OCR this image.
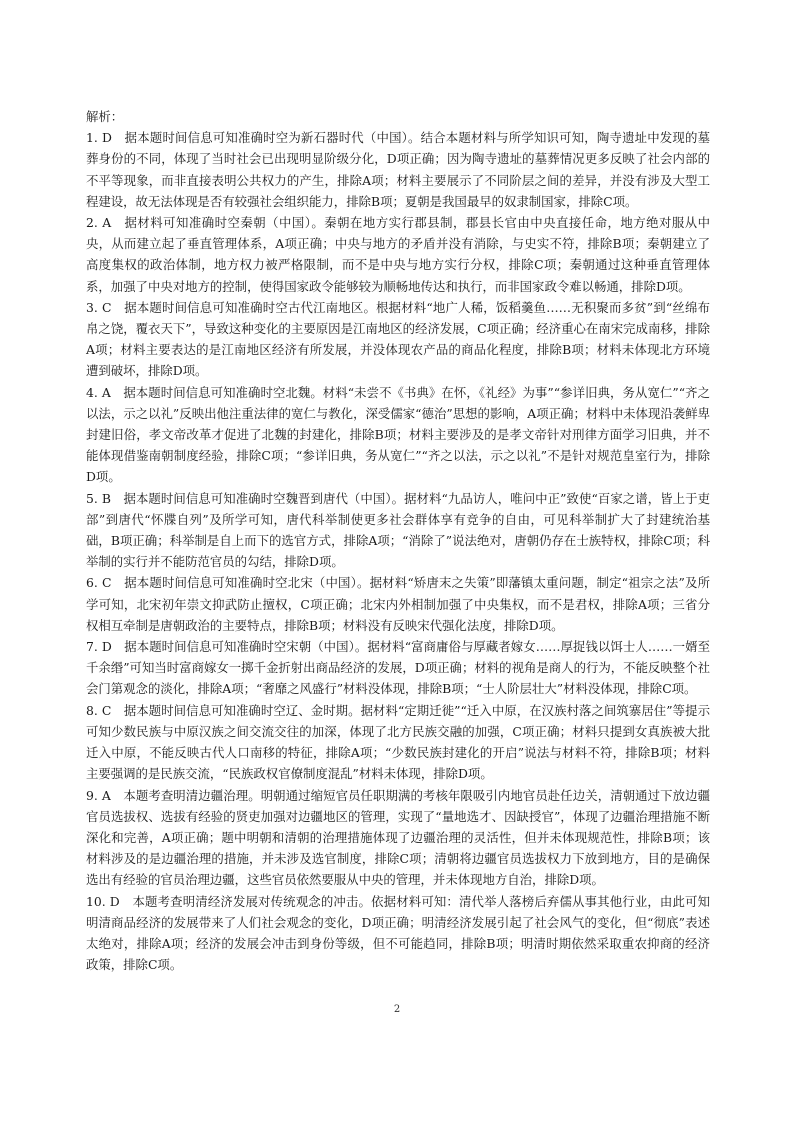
解析：

1. D　据本题时间信息可知准确时空为新石器时代（中国）。结合本题材料与所学知识可知，陶寺遗址中发现的墓葬身份的不同，体现了当时社会已出现明显阶级分化，D项正确；因为陶寺遗址的墓葬情况更多反映了社会内部的不平等现象，而非直接表明公共权力的产生，排除A项；材料主要展示了不同阶层之间的差异，并没有涉及大型工程建设，故无法体现是否有较强社会组织能力，排除B项；夏朝是我国最早的奴隶制国家，排除C项。

2. A　据材料可知准确时空秦朝（中国）。秦朝在地方实行郡县制，郡县长官由中央直接任命，地方绝对服从中央，从而建立起了垂直管理体系，A项正确；中央与地方的矛盾并没有消除，与史实不符，排除B项；秦朝建立了高度集权的政治体制，地方权力被严格限制，而不是中央与地方实行分权，排除C项；秦朝通过这种垂直管理体系，加强了中央对地方的控制，使得国家政令能够较为顺畅地传达和执行，而非国家政令难以畅通，排除D项。

3. C　据本题时间信息可知准确时空古代江南地区。根据材料“地广人稀，饭稻羹鱼……无积聚而多贫”到“丝绵布帛之饶，覆衣天下”，导致这种变化的主要原因是江南地区的经济发展，C项正确；经济重心在南宋完成南移，排除A项；材料主要表达的是江南地区经济有所发展，并没体现农产品的商品化程度，排除B项；材料未体现北方环境遭到破坏，排除D项。

4. A　据本题时间信息可知准确时空北魏。材料“未尝不《书典》在怀，《礼经》为事”“参详旧典，务从宽仁”“齐之以法，示之以礼”反映出他注重法律的宽仁与教化，深受儒家“德治”思想的影响，A项正确；材料中未体现沿袭鲜卑封建旧俗，孝文帝改革才促进了北魏的封建化，排除B项；材料主要涉及的是孝文帝针对刑律方面学习旧典，并不能体现借鉴南朝制度经验，排除C项；“参详旧典，务从宽仁”“齐之以法，示之以礼”不是针对规范皇室行为，排除D项。

5. B　据本题时间信息可知准确时空魏晋到唐代（中国）。据材料“九品访人，唯问中正”致使“百家之谱，皆上于吏部”到唐代“怀牒自列”及所学可知，唐代科举制使更多社会群体享有竞争的自由，可见科举制扩大了封建统治基础，B项正确；科举制是自上而下的选官方式，排除A项；“消除了”说法绝对，唐朝仍存在士族特权，排除C项；科举制的实行并不能防范官员的勾结，排除D项。

6. C　据本题时间信息可知准确时空北宋（中国）。据材料“矫唐末之失策”即藩镇太重问题，制定“祖宗之法”及所学可知，北宋初年崇文抑武防止擅权，C项正确；北宋内外相制加强了中央集权，而不是君权，排除A项；三省分权相互牵制是唐朝政治的主要特点，排除B项；材料没有反映宋代强化法度，排除D项。

7. D　据本题时间信息可知准确时空宋朝（中国）。据材料“富商庸俗与厚藏者嫁女……厚捉钱以饵士人……一婿至千余缗”可知当时富商嫁女一掷千金折射出商品经济的发展，D项正确；材料的视角是商人的行为，不能反映整个社会门第观念的淡化，排除A项；“奢靡之风盛行”材料没体现，排除B项；“士人阶层壮大”材料没体现，排除C项。

8. C　据本题时间信息可知准确时空辽、金时期。据材料“定期迁徙”“迁入中原，在汉族村落之间筑寨居住”等提示可知少数民族与中原汉族之间交流交往的加深，体现了北方民族交融的加强，C项正确；材料只提到女真族被大批迁入中原，不能反映古代人口南移的特征，排除A项；“少数民族封建化的开启”说法与材料不符，排除B项；材料主要强调的是民族交流，“民族政权官僚制度混乱”材料未体现，排除D项。

9. A　本题考查明清边疆治理。明朝通过缩短官员任职期满的考核年限吸引内地官员赴任边关，清朝通过下放边疆官员选拔权、选拔有经验的贤吏加强对边疆地区的管理，实现了“量地选才、因缺授官”，体现了边疆治理措施不断深化和完善，A项正确；题中明朝和清朝的治理措施体现了边疆治理的灵活性，但并未体现规范性，排除B项；该材料涉及的是边疆治理的措施，并未涉及选官制度，排除C项；清朝将边疆官员选拔权力下放到地方，目的是确保选出有经验的官员治理边疆，这些官员依然要服从中央的管理，并未体现地方自治，排除D项。

10. D　本题考查明清经济发展对传统观念的冲击。依据材料可知：清代举人落榜后弃儒从事其他行业，由此可知明清商品经济的发展带来了人们社会观念的变化，D项正确；明清经济发展引起了社会风气的变化，但“彻底”表述太绝对，排除A项；经济的发展会冲击到身份等级，但不可能趋同，排除B项；明清时期依然采取重农抑商的经济政策，排除C项。

2
